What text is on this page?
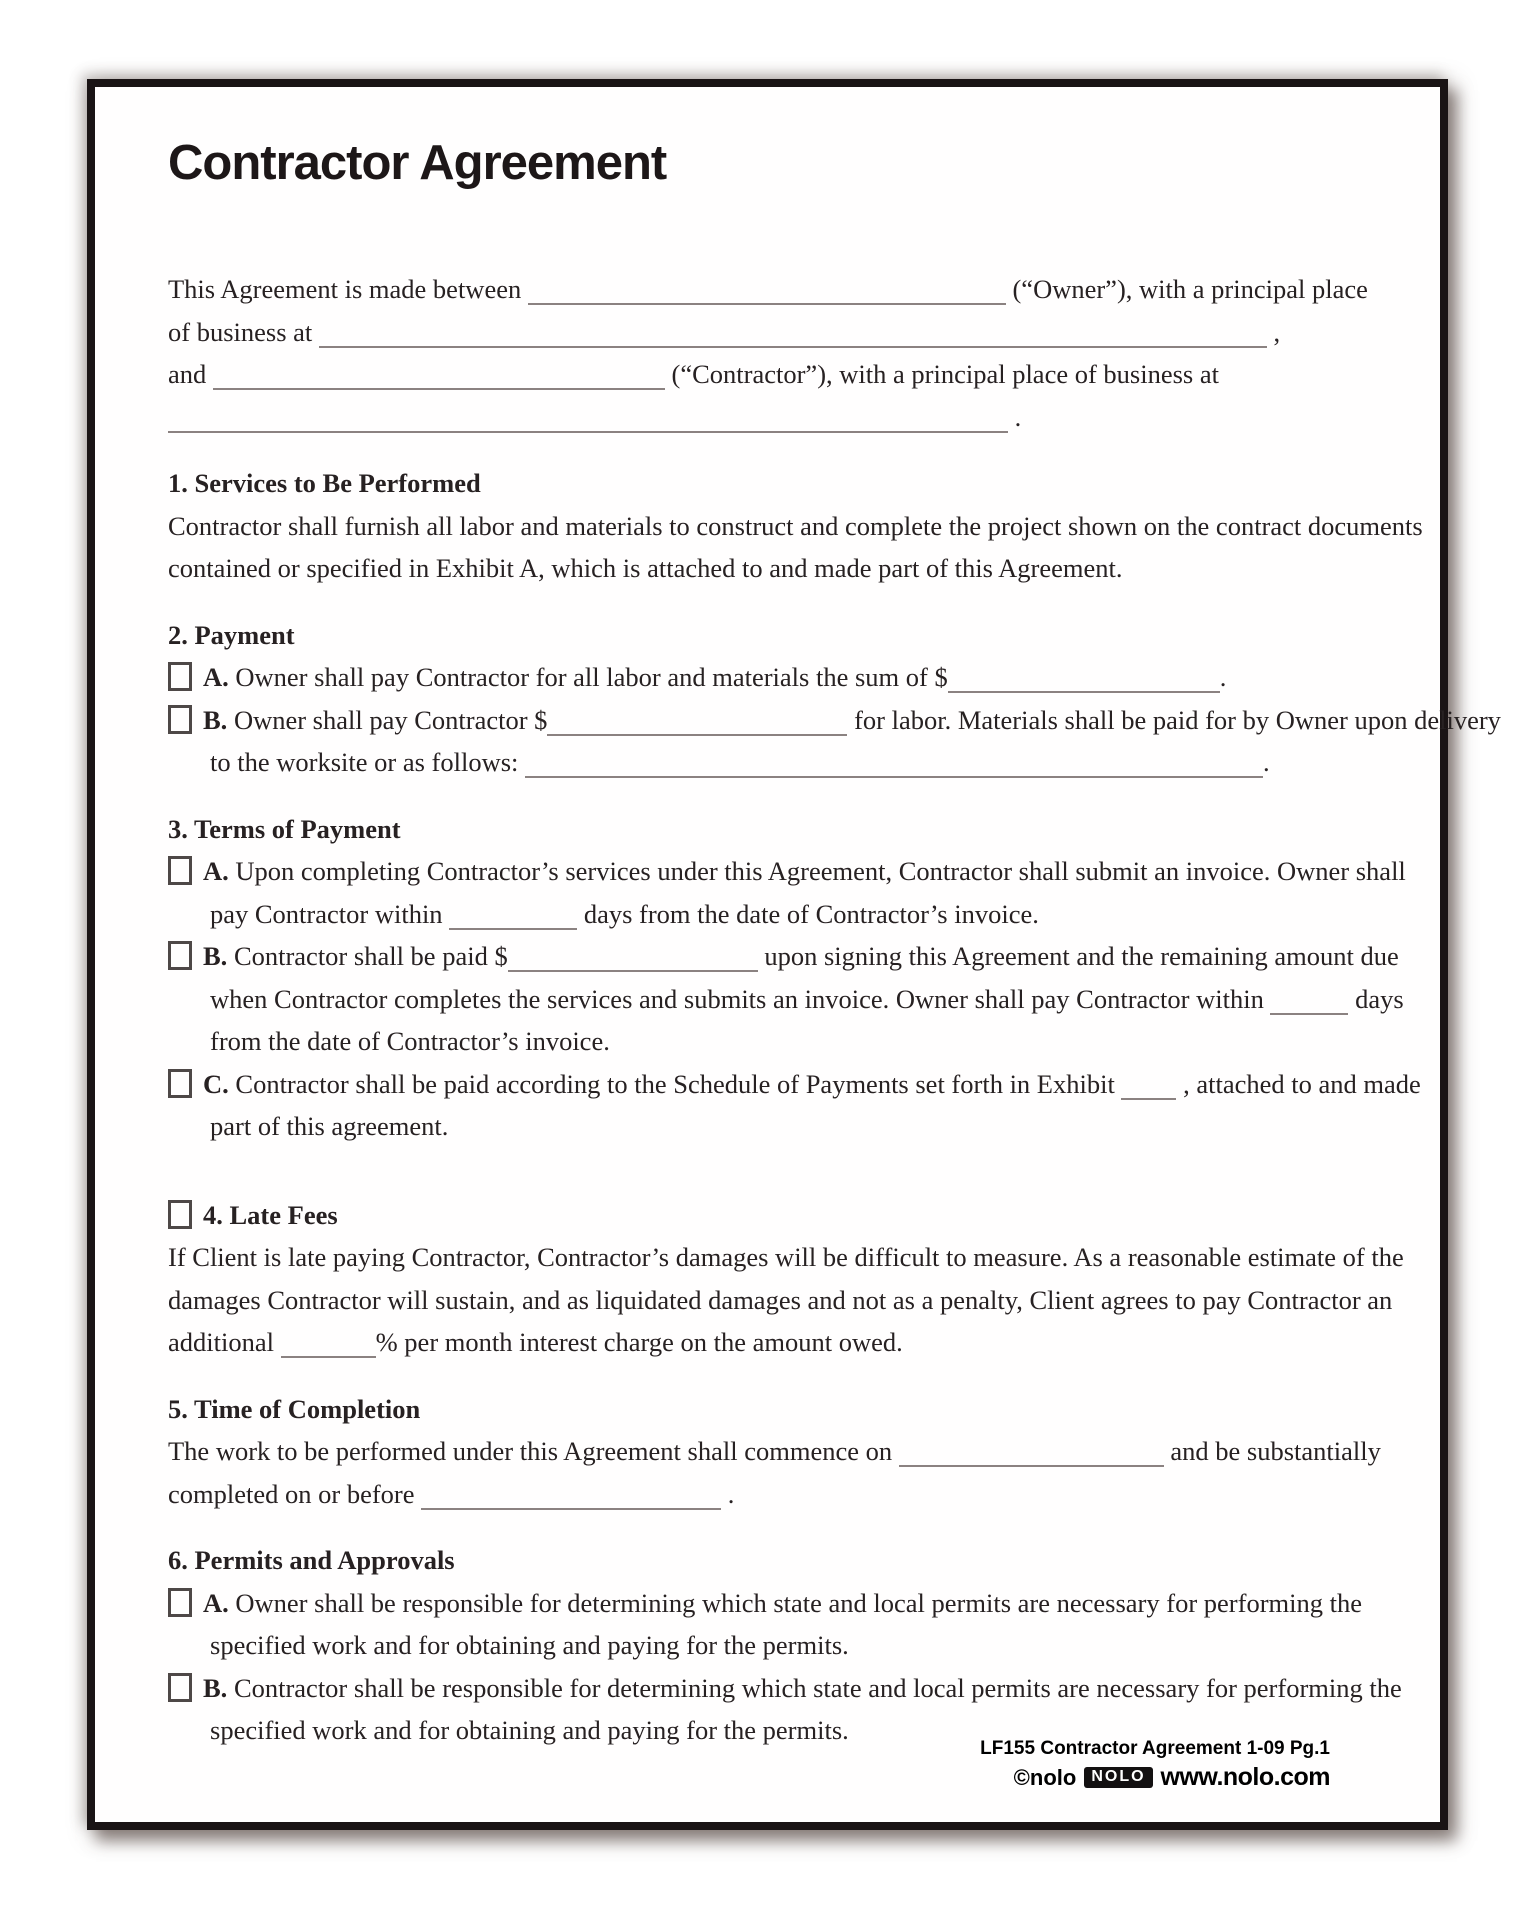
Contractor Agreement
This Agreement is made between	(“Owner”), with a principal place
of business at	,
and	(“Contractor”), with a principal place of business at
.
1. Services to Be Performed
Contractor shall furnish all labor and materials to construct and complete the project shown on the contract documents
contained or specified in Exhibit A, which is attached to and made part of this Agreement.
2. Payment
A. Owner shall pay Contractor for all labor and materials the sum of $	.
B. Owner shall pay Contractor $	for labor. Materials shall be paid for by Owner upon delivery
to the worksite or as follows:	.
3. Terms of Payment
A. Upon completing Contractor’s services under this Agreement, Contractor shall submit an invoice. Owner shall
pay Contractor within	days from the date of Contractor’s invoice.
B. Contractor shall be paid $	upon signing this Agreement and the remaining amount due
when Contractor completes the services and submits an invoice. Owner shall pay Contractor within	days
from the date of Contractor’s invoice.
C. Contractor shall be paid according to the Schedule of Payments set forth in Exhibit  , attached to and made
part of this agreement.
4. Late Fees
If Client is late paying Contractor, Contractor’s damages will be difficult to measure. As a reasonable estimate of the
damages Contractor will sustain, and as liquidated damages and not as a penalty, Client agrees to pay Contractor an
additional	% per month interest charge on the amount owed.
5. Time of Completion
The work to be performed under this Agreement shall commence on	and be substantially
completed on or before	.
6. Permits and Approvals
A. Owner shall be responsible for determining which state and local permits are necessary for performing the
specified work and for obtaining and paying for the permits.
B. Contractor shall be responsible for determining which state and local permits are necessary for performing the
specified work and for obtaining and paying for the permits.
LF155 Contractor Agreement 1-09 Pg.1
©nolo NOLO www.nolo.com
